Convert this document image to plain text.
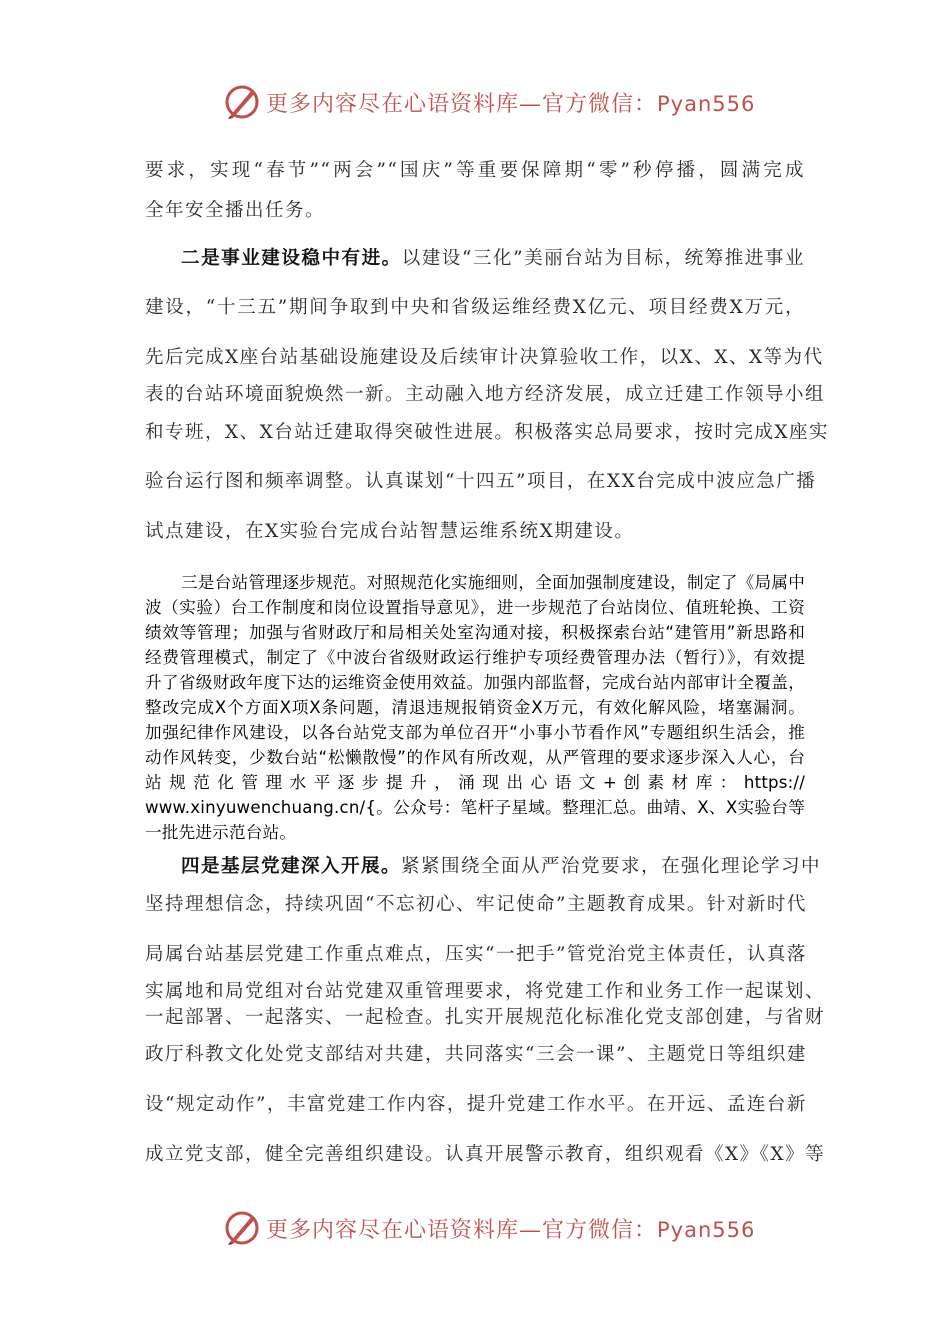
更多内容尽在心语资料库—官方微信：Pyan556

要求，实现“春节”“两会”“国庆”等重要保障期“零”秒停播，圆满完成

全年安全播出任务。

二是事业建设稳中有进。以建设“三化”美丽台站为目标，统筹推进事业

建设，“十三五”期间争取到中央和省级运维经费X亿元、项目经费X万元，

先后完成X座台站基础设施建设及后续审计决算验收工作，以X、X、X等为代

表的台站环境面貌焕然一新。主动融入地方经济发展，成立迁建工作领导小组

和专班，X、X台站迁建取得突破性进展。积极落实总局要求，按时完成X座实

验台运行图和频率调整。认真谋划“十四五”项目，在XX台完成中波应急广播

试点建设，在X实验台完成台站智慧运维系统X期建设。

三是台站管理逐步规范。对照规范化实施细则，全面加强制度建设，制定了《局属中

波（实验）台工作制度和岗位设置指导意见》，进一步规范了台站岗位、值班轮换、工资

绩效等管理；加强与省财政厅和局相关处室沟通对接，积极探索台站“建管用”新思路和

经费管理模式，制定了《中波台省级财政运行维护专项经费管理办法（暂行）》，有效提

升了省级财政年度下达的运维资金使用效益。加强内部监督，完成台站内部审计全覆盖，

整改完成X个方面X项X条问题，清退违规报销资金X万元，有效化解风险，堵塞漏洞。

加强纪律作风建设，以各台站党支部为单位召开“小事小节看作风”专题组织生活会，推

动作风转变，少数台站“松懒散慢”的作风有所改观，从严管理的要求逐步深入人心，台

站 规 范 化 管 理 水 平 逐 步 提 升 ， 涌 现 出 心 语 文 + 创 素 材 库 ： https://

www.xinyuwenchuang.cn/{。公众号：笔杆子星域。整理汇总。曲靖、X、X实验台等

一批先进示范台站。

四是基层党建深入开展。紧紧围绕全面从严治党要求，在强化理论学习中

坚持理想信念，持续巩固“不忘初心、牢记使命”主题教育成果。针对新时代

局属台站基层党建工作重点难点，压实“一把手”管党治党主体责任，认真落

实属地和局党组对台站党建双重管理要求，将党建工作和业务工作一起谋划、

一起部署、一起落实、一起检查。扎实开展规范化标准化党支部创建，与省财

政厅科教文化处党支部结对共建，共同落实“三会一课”、主题党日等组织建

设“规定动作”，丰富党建工作内容，提升党建工作水平。在开远、孟连台新

成立党支部，健全完善组织建设。认真开展警示教育，组织观看《X》《X》等

更多内容尽在心语资料库—官方微信：Pyan556
